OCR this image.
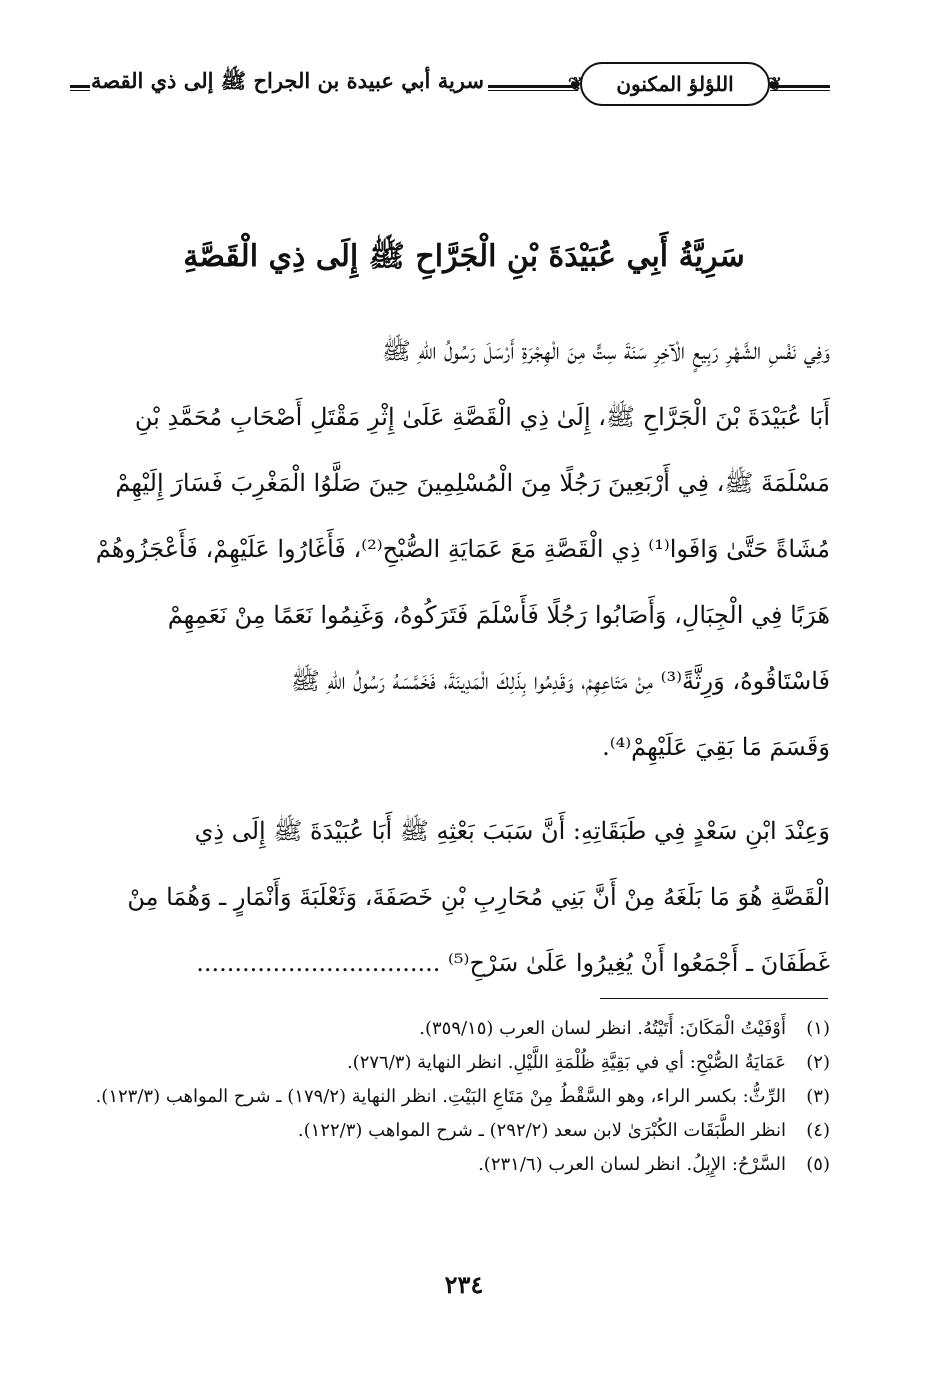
سرية أبي عبيدة بن الجراح ﷺ إلى ذي القصة	❦ اللؤلؤ المكنون ❦
سَرِيَّةُ أَبِي عُبَيْدَةَ بْنِ الْجَرَّاحِ ﷺ إِلَى ذِي الْقَصَّةِ
وَفِي نَفْسِ الشَّهْرِ رَبِيعٍ الْآخِرِ سَنَةَ سِتٍّ مِنَ الْهِجْرَةِ أَرْسَلَ رَسُولُ اللهِ ﷺ
أَبَا عُبَيْدَةَ بْنَ الْجَرَّاحِ ﷺ، إِلَىٰ ذِي الْقَصَّةِ عَلَىٰ إِثْرِ مَقْتَلِ أَصْحَابِ مُحَمَّدِ بْنِ
مَسْلَمَةَ ﷺ، فِي أَرْبَعِينَ رَجُلًا مِنَ الْمُسْلِمِينَ حِينَ صَلَّوُا الْمَغْرِبَ فَسَارَ إِلَيْهِمْ
مُشَاةً حَتَّىٰ وَافَوا⁽¹⁾ ذِي الْقَصَّةِ مَعَ عَمَايَةِ الصُّبْحِ⁽²⁾، فَأَغَارُوا عَلَيْهِمْ، فَأَعْجَزُوهُمْ
هَرَبًا فِي الْجِبَالِ، وَأَصَابُوا رَجُلًا فَأَسْلَمَ فَتَرَكُوهُ، وَغَنِمُوا نَعَمًا مِنْ نَعَمِهِمْ
فَاسْتَاقُوهُ، وَرِثَّةً⁽³⁾ مِنْ مَتَاعِهِمْ، وَقَدِمُوا بِذَلِكَ الْمَدِينَةَ، فَخَمَّسَهُ رَسُولُ اللهِ ﷺ
وَقَسَمَ مَا بَقِيَ عَلَيْهِمْ⁽⁴⁾.
وَعِنْدَ ابْنِ سَعْدٍ فِي طَبَقَاتِهِ: أَنَّ سَبَبَ بَعْثِهِ ﷺ أَبَا عُبَيْدَةَ ﷺ إِلَى ذِي
الْقَصَّةِ هُوَ مَا بَلَغَهُ مِنْ أَنَّ بَنِي مُحَارِبِ بْنِ خَصَفَةَ، وَثَعْلَبَةَ وَأَنْمَارٍ ـ وَهُمَا مِنْ
غَطَفَانَ ـ أَجْمَعُوا أَنْ يُغِيرُوا عَلَىٰ سَرْحِ⁽⁵⁾ ................................
(١)
أَوْفَيْتُ الْمَكَانَ: أَتَيْتُهُ. انظر لسان العرب (٣٥٩/١٥).
(٢)
عَمَايَةُ الصُّبْحِ: أي في بَقِيَّةِ ظُلْمَةِ اللَّيْلِ. انظر النهاية (٢٧٦/٣).
(٣)
الرِّثُّ: بكسر الراء، وهو السَّقْطُ مِنْ مَتَاعِ البَيْتِ. انظر النهاية (١٧٩/٢) ـ شرح المواهب (١٢٣/٣).
(٤)
انظر الطَّبَقَات الكُبْرَىٰ لابن سعد (٢٩٢/٢) ـ شرح المواهب (١٢٢/٣).
(٥)
السَّرْحُ: الإِبِلُ. انظر لسان العرب (٢٣١/٦).
٢٣٤
